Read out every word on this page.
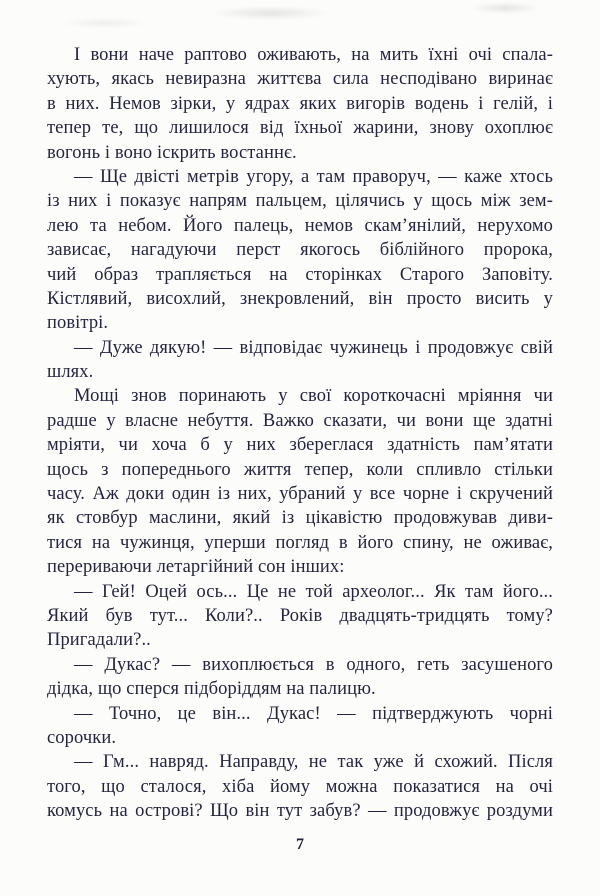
І вони наче раптово оживають, на мить їхні очі спала-
хують, якась невиразна життєва сила несподівано виринає
в них. Немов зірки, у ядрах яких вигорів водень і гелій, і
тепер те, що лишилося від їхньої жарини, знову охоплює
вогонь і воно іскрить востаннє.
— Ще двісті метрів угору, а там праворуч, — каже хтось
із них і показує напрям пальцем, цілячись у щось між зем-
лею та небом. Його палець, немов скам’янілий, нерухомо
зависає, нагадуючи перст якогось біблійного пророка,
чий образ трапляється на сторінках Старого Заповіту.
Кістлявий, висохлий, знекровлений, він просто висить у
повітрі.
— Дуже дякую! — відповідає чужинець і продовжує свій
шлях.
Мощі знов поринають у свої короткочасні мріяння чи
радше у власне небуття. Важко сказати, чи вони ще здатні
мріяти, чи хоча б у них збереглася здатність пам’ятати
щось з попереднього життя тепер, коли спливло стільки
часу. Аж доки один із них, убраний у все чорне і скручений
як стовбур маслини, який із цікавістю продовжував диви-
тися на чужинця, уперши погляд в його спину, не оживає,
перериваючи летаргійний сон інших:
— Гей! Оцей ось... Це не той археолог... Як там його...
Який був тут... Коли?.. Років двадцять-тридцять тому?
Пригадали?..
— Дукас? — вихоплюється в одного, геть засушеного
дідка, що сперся підборіддям на палицю.
— Точно, це він... Дукас! — підтверджують чорні
сорочки.
— Гм... навряд. Направду, не так уже й схожий. Після
того, що сталося, хіба йому можна показатися на очі
комусь на острові? Що він тут забув? — продовжує роздуми
7
